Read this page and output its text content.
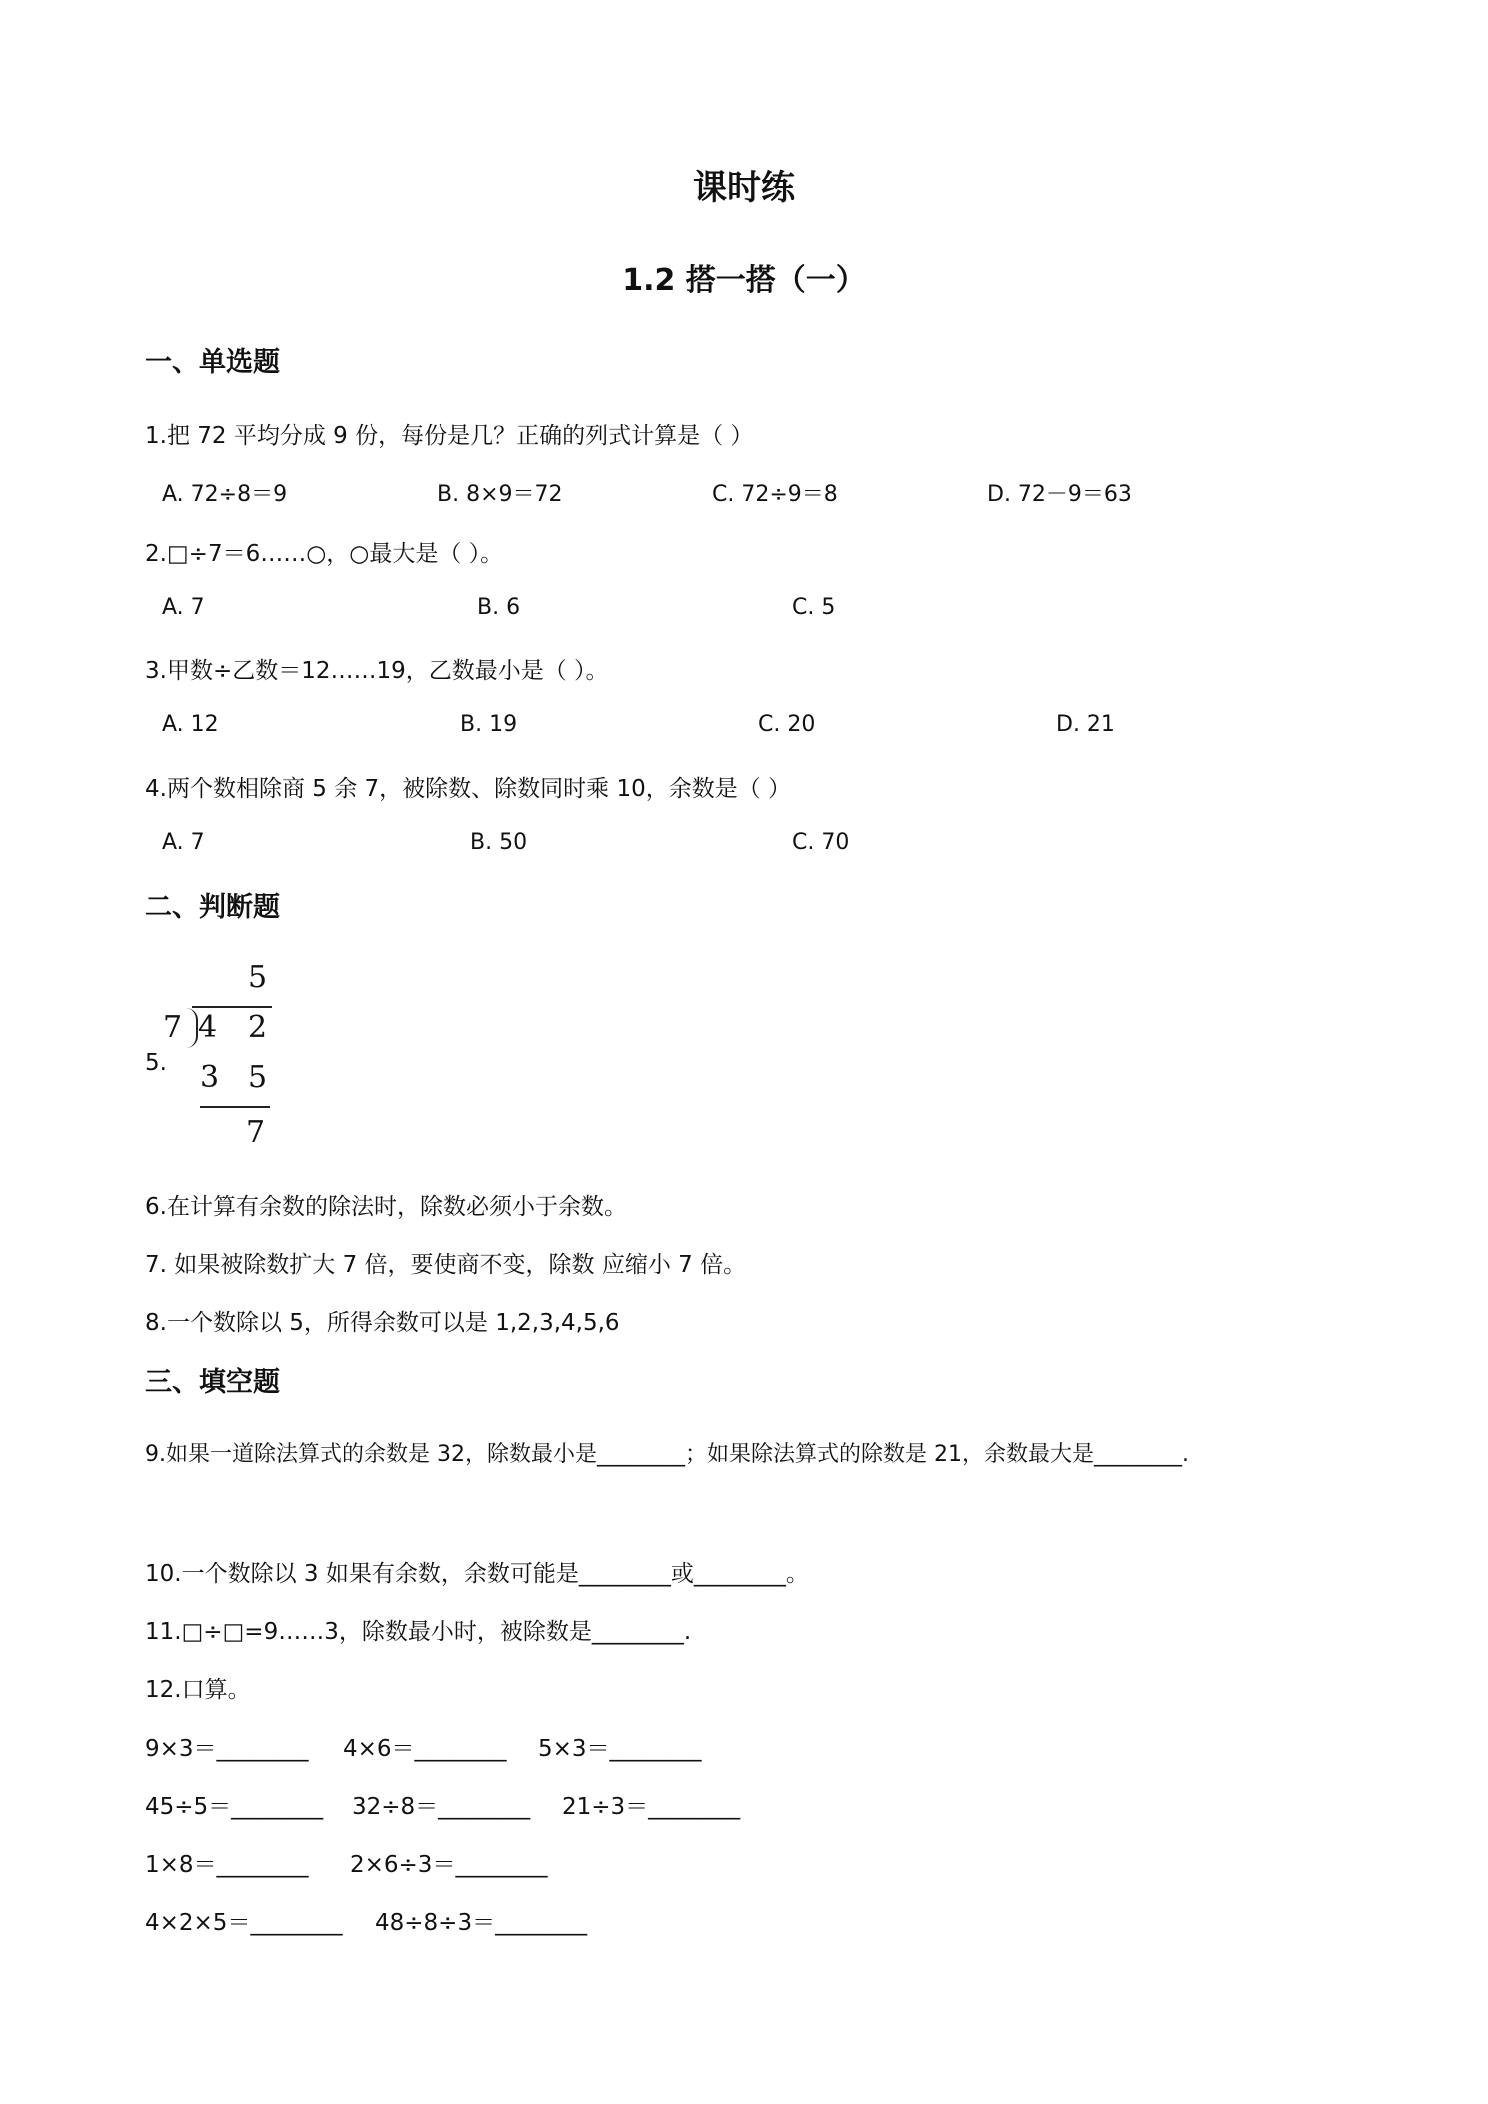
课时练
1.2 搭一搭（一）
一、单选题
1.把 72 平均分成 9 份，每份是几？正确的列式计算是（ ）
A. 72÷8＝9	B. 8×9＝72	C. 72÷9＝8	D. 72－9＝63
2.□÷7＝6……○，○最大是（ ）。
A. 7	B. 6	C. 5
3.甲数÷乙数＝12……19，乙数最小是（ ）。
A. 12	B. 19	C. 20	D. 21
4.两个数相除商 5 余 7，被除数、除数同时乘 10，余数是（ ）
A. 7	B. 50	C. 70
二、判断题
5.
5
7 4 2
3 5
7
6.在计算有余数的除法时，除数必须小于余数。
7. 如果被除数扩大 7 倍，要使商不变，除数 应缩小 7 倍。
8.一个数除以 5，所得余数可以是 1,2,3,4,5,6
三、填空题
9.如果一道除法算式的余数是 32，除数最小是________；如果除法算式的除数是 21，余数最大是________.
10.一个数除以 3 如果有余数，余数可能是________或________。
11.□÷□=9……3，除数最小时，被除数是________.
12.口算。
9×3＝________ 4×6＝________ 5×3＝________
45÷5＝________ 32÷8＝________ 21÷3＝________
1×8＝________ 2×6÷3＝________
4×2×5＝________ 48÷8÷3＝________
